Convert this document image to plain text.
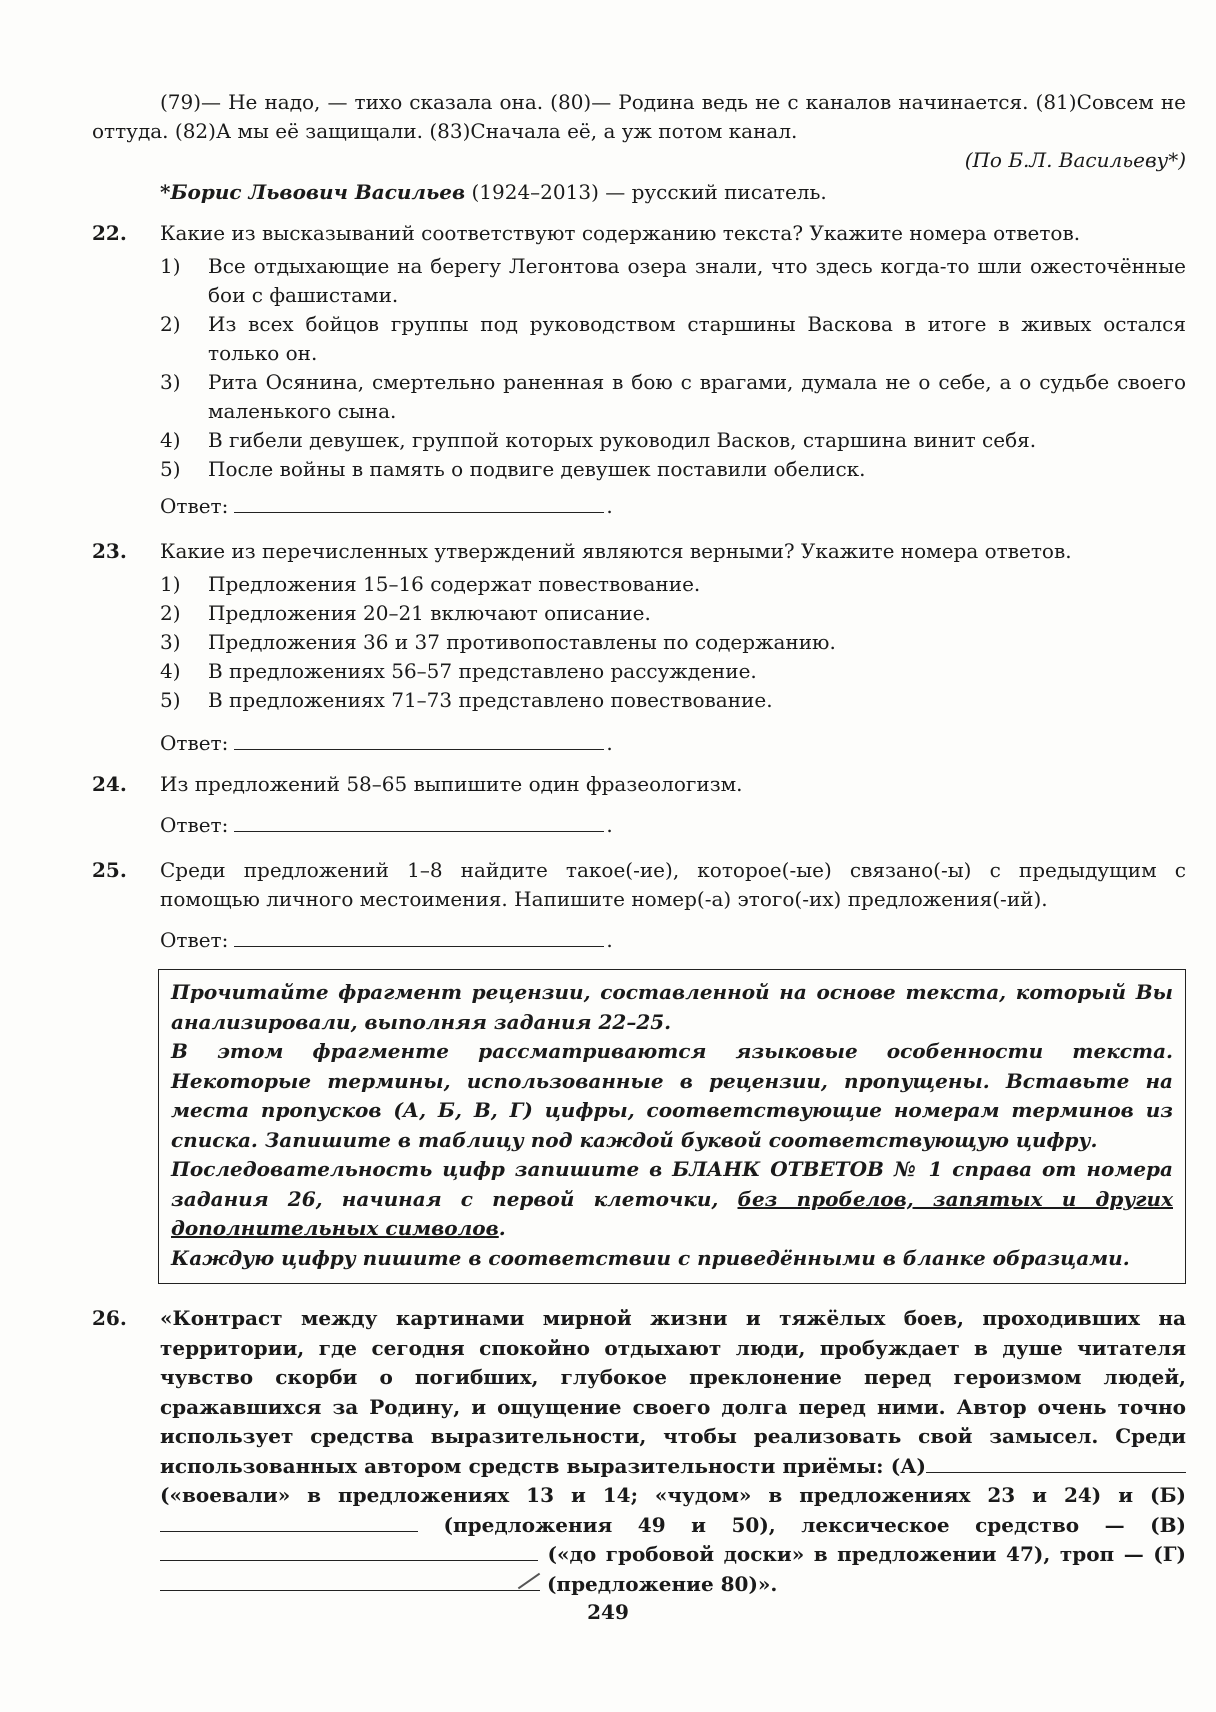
(79)— Не надо, — тихо сказала она. (80)— Родина ведь не с каналов начинается. (81)Совсем не оттуда. (82)А мы её защищали. (83)Сначала её, а уж потом канал.

(По Б.Л. Васильеву*)

*Борис Львович Васильев (1924–2013) — русский писатель.

22.	Какие из высказываний соответствуют содержанию текста? Укажите номера ответов.

1)	Все отдыхающие на берегу Легонтова озера знали, что здесь когда-то шли ожесточённые бои с фашистами.
2)	Из всех бойцов группы под руководством старшины Васкова в итоге в живых остался только он.
3)	Рита Осянина, смертельно раненная в бою с врагами, думала не о себе, а о судьбе своего маленького сына.
4)	В гибели девушек, группой которых руководил Васков, старшина винит себя.
5)	После войны в память о подвиге девушек поставили обелиск.
Ответ:	.
23.	Какие из перечисленных утверждений являются верными? Укажите номера ответов.

1)	Предложения 15–16 содержат повествование.
2)	Предложения 20–21 включают описание.
3)	Предложения 36 и 37 противопоставлены по содержанию.
4)	В предложениях 56–57 представлено рассуждение.
5)	В предложениях 71–73 представлено повествование.
Ответ:	.
24.	Из предложений 58–65 выпишите один фразеологизм.

Ответ:	.
25.	Среди предложений 1–8 найдите такое(-ие), которое(-ые) связано(-ы) с предыдущим с помощью личного местоимения. Напишите номер(-а) этого(-их) предложения(-ий).

Ответ:	.

Прочитайте фрагмент рецензии, составленной на основе текста, который Вы анализировали, выполняя задания 22–25.

В этом фрагменте рассматриваются языковые особенности текста. Некоторые термины, использованные в рецензии, пропущены. Вставьте на места пропусков (А, Б, В, Г) цифры, соответствующие номерам терминов из списка. Запишите в таблицу под каждой буквой соответствующую цифру.

Последовательность цифр запишите в БЛАНК ОТВЕТОВ № 1 справа от номера задания 26, начиная с первой клеточки, без пробелов, запятых и других дополнительных символов.

Каждую цифру пишите в соответствии с приведёнными в бланке образцами.

26.	«Контраст между картинами мирной жизни и тяжёлых боев, проходивших на территории, где сегодня спокойно отдыхают люди, пробуждает в душе читателя чувство скорби о погибших, глубокое преклонение перед героизмом людей, сражавшихся за Родину, и ощущение своего долга перед ними. Автор очень точно использует средства выразительности, чтобы реализовать свой замысел. Среди использованных автором средств выразительности приёмы: (А) («воевали» в предложениях 13 и 14; «чудом» в предложениях 23 и 24) и (Б) (предложения 49 и 50), лексическое средство — (В)  («до гробовой доски» в предложении 47), троп — (Г) (предложение 80)».
249
